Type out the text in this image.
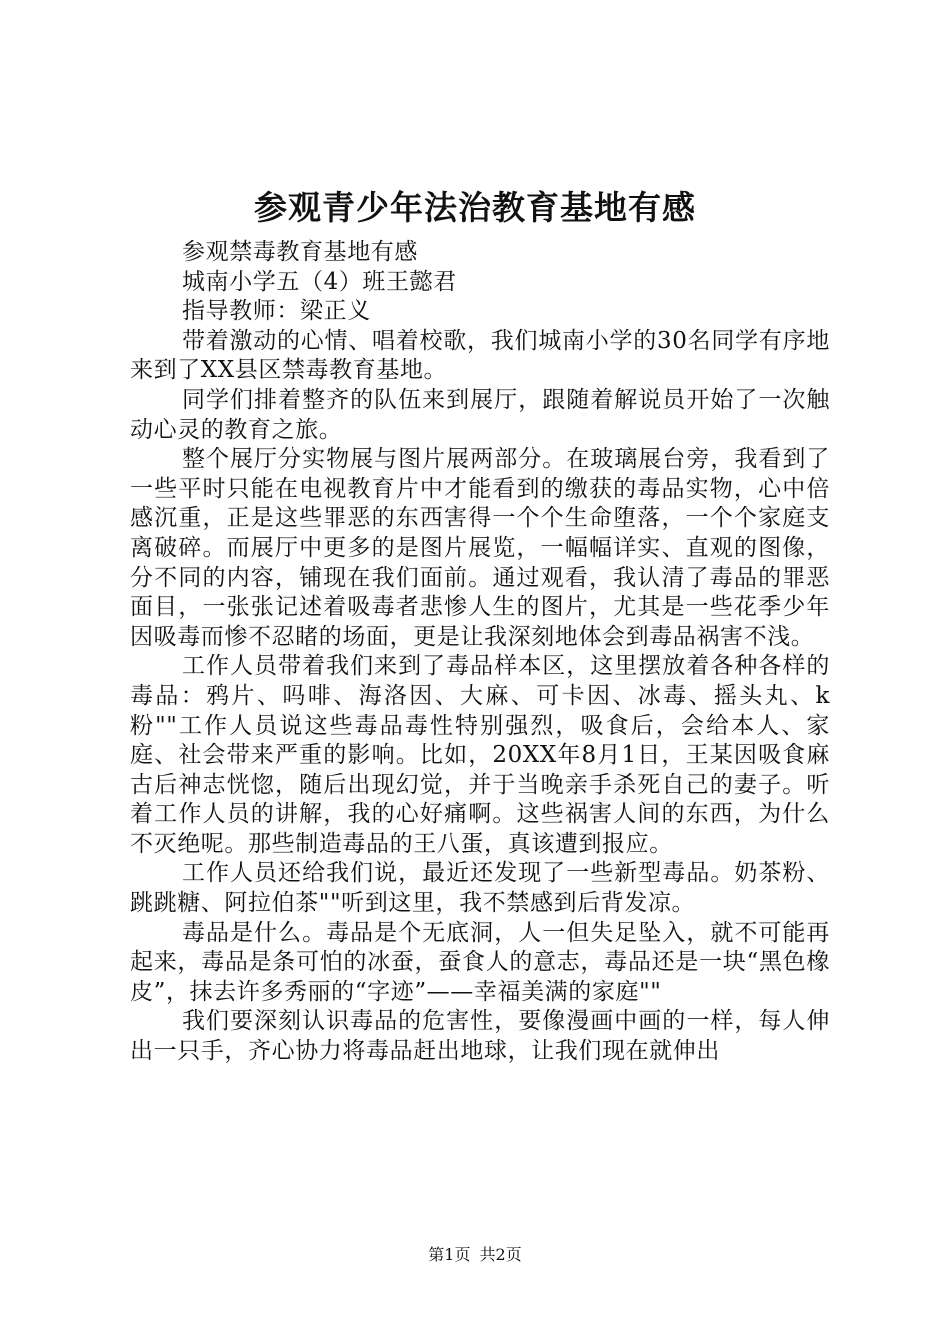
参观青少年法治教育基地有感

参观禁毒教育基地有感

城南小学五（4）班王懿君

指导教师：梁正义

带着激动的心情、唱着校歌，我们城南小学的30名同学有序地来到了XX县区禁毒教育基地。

同学们排着整齐的队伍来到展厅，跟随着解说员开始了一次触动心灵的教育之旅。

整个展厅分实物展与图片展两部分。在玻璃展台旁，我看到了一些平时只能在电视教育片中才能看到的缴获的毒品实物，心中倍感沉重，正是这些罪恶的东西害得一个个生命堕落，一个个家庭支离破碎。而展厅中更多的是图片展览，一幅幅详实、直观的图像，分不同的内容，铺现在我们面前。通过观看，我认清了毒品的罪恶面目，一张张记述着吸毒者悲惨人生的图片，尤其是一些花季少年因吸毒而惨不忍睹的场面，更是让我深刻地体会到毒品祸害不浅。

工作人员带着我们来到了毒品样本区，这里摆放着各种各样的毒品：鸦片、吗啡、海洛因、大麻、可卡因、冰毒、摇头丸、k粉""工作人员说这些毒品毒性特别强烈，吸食后，会给本人、家庭、社会带来严重的影响。比如，20XX年8月1日，王某因吸食麻古后神志恍惚，随后出现幻觉，并于当晚亲手杀死自己的妻子。听着工作人员的讲解，我的心好痛啊。这些祸害人间的东西，为什么不灭绝呢。那些制造毒品的王八蛋，真该遭到报应。

工作人员还给我们说，最近还发现了一些新型毒品。奶茶粉、跳跳糖、阿拉伯茶""听到这里，我不禁感到后背发凉。

毒品是什么。毒品是个无底洞，人一但失足坠入，就不可能再起来，毒品是条可怕的冰蚕，蚕食人的意志，毒品还是一块“黑色橡皮”，抹去许多秀丽的“字迹”——幸福美满的家庭""

我们要深刻认识毒品的危害性，要像漫画中画的一样，每人伸出一只手，齐心协力将毒品赶出地球，让我们现在就伸出

第1页 共2页
